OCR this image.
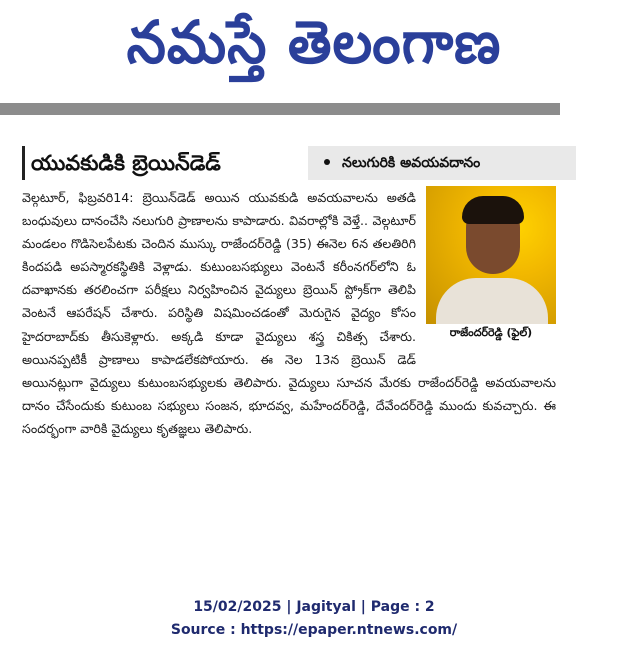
నమస్తే తెలంగాణ
యువకుడికి బ్రెయిన్‌డెడ్	నలుగురికి అవయవదానం
రాజేందర్‌రెడ్డి (ఫైల్)

వెల్గటూర్, ఫిబ్రవరి14: బ్రెయిన్‌డెడ్ అయిన యువకుడి అవయవాలను అతడి బంధువులు దానంచేసి నలుగురి ప్రాణాలను కాపాడారు. వివరాల్లోకి వెళ్తే.. వెల్గటూర్ మండలం గొడిసెలపేటకు చెందిన ముస్కు రాజేందర్‌రెడ్డి (35) ఈనెల 6న తలతిరిగి కిందపడి అపస్మారకస్థితికి వెళ్లాడు. కుటుంబసభ్యులు వెంటనే కరీంనగర్‌లోని ఓ దవాఖానకు తరలించగా పరీక్షలు నిర్వహించిన వైద్యులు బ్రెయిన్ స్ట్రోక్‌గా తెలిపి వెంటనే ఆపరేషన్ చేశారు. పరిస్థితి విషమించడంతో మెరుగైన వైద్యం కోసం హైదరాబాద్‌కు తీసుకెళ్లారు. అక్కడి కూడా వైద్యులు శస్త్ర చికిత్స చేశారు. అయినప్పటికీ ప్రాణాలు కాపాడలేకపోయారు. ఈ నెల 13న బ్రెయిన్ డెడ్ అయినట్లుగా వైద్యులు కుటుంబసభ్యులకు తెలిపారు. వైద్యులు సూచన మేరకు రాజేందర్‌రెడ్డి అవయవాలను దానం చేసేందుకు కుటుంబ సభ్యులు సంజన, భూదవ్వ, మహేందర్‌రెడ్డి, దేవేందర్‌రెడ్డి ముందు కువచ్చారు. ఈ సందర్భంగా వారికి వైద్యులు కృతజ్ఞలు తెలిపారు.

15/02/2025 | Jagityal | Page : 2
Source : https://epaper.ntnews.com/
